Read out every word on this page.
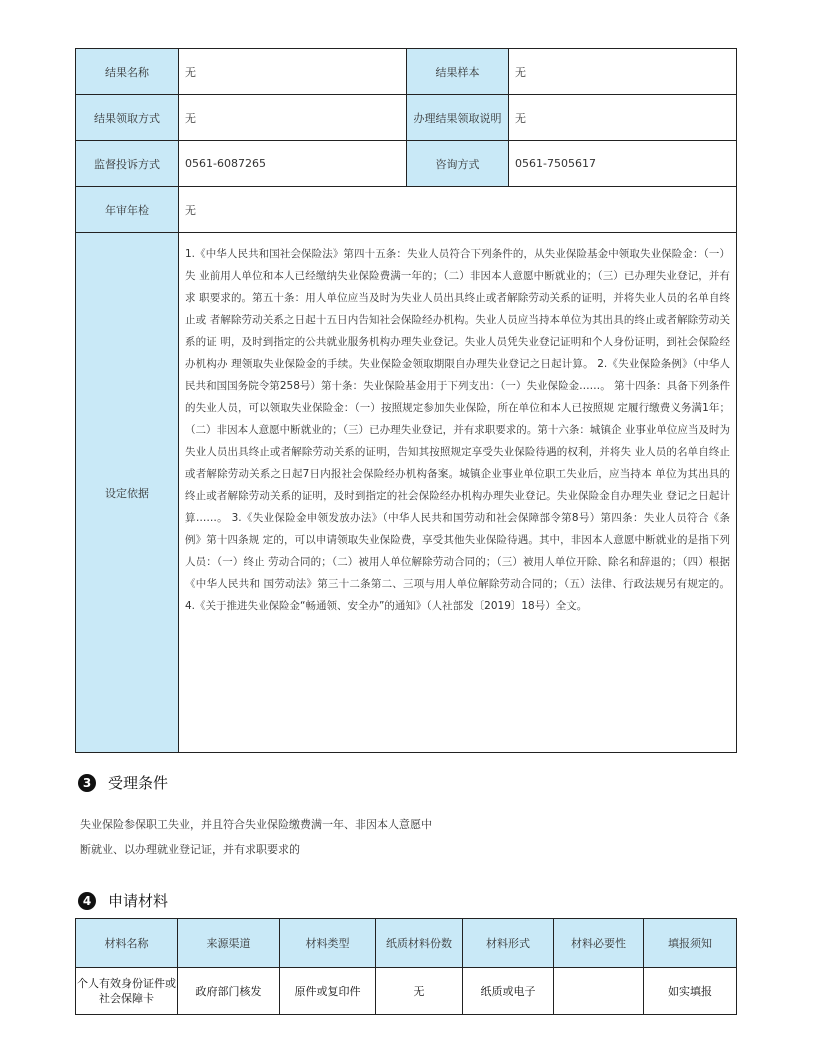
结果名称	无	结果样本	无
结果领取方式	无	办理结果领取说明	无
监督投诉方式	0561-6087265	咨询方式	0561-7505617
年审年检	无		
设定依据	1.《中华人民共和国社会保险法》第四十五条：失业人员符合下列条件的，从失业保险基金中领取失业保险金：（一）失 业前用人单位和本人已经缴纳失业保险费满一年的；（二）非因本人意愿中断就业的；（三）已办理失业登记，并有求 职要求的。第五十条：用人单位应当及时为失业人员出具终止或者解除劳动关系的证明，并将失业人员的名单自终止或 者解除劳动关系之日起十五日内告知社会保险经办机构。失业人员应当持本单位为其出具的终止或者解除劳动关系的证 明，及时到指定的公共就业服务机构办理失业登记。失业人员凭失业登记证明和个人身份证明，到社会保险经办机构办 理领取失业保险金的手续。失业保险金领取期限自办理失业登记之日起计算。 2.《失业保险条例》（中华人民共和国国务院令第258号）第十条：失业保险基金用于下列支出：（一）失业保险金……。 第十四条：具备下列条件的失业人员，可以领取失业保险金：（一）按照规定参加失业保险，所在单位和本人已按照规 定履行缴费义务满1年；（二）非因本人意愿中断就业的；（三）已办理失业登记，并有求职要求的。第十六条：城镇企 业事业单位应当及时为失业人员出具终止或者解除劳动关系的证明，告知其按照规定享受失业保险待遇的权利，并将失 业人员的名单自终止或者解除劳动关系之日起7日内报社会保险经办机构备案。城镇企业事业单位职工失业后，应当持本 单位为其出具的终止或者解除劳动关系的证明，及时到指定的社会保险经办机构办理失业登记。失业保险金自办理失业 登记之日起计算……。 3.《失业保险金申领发放办法》（中华人民共和国劳动和社会保障部令第8号）第四条：失业人员符合《条例》第十四条规 定的，可以申请领取失业保险费，享受其他失业保险待遇。其中，非因本人意愿中断就业的是指下列人员：（一）终止 劳动合同的；（二）被用人单位解除劳动合同的；（三）被用人单位开除、除名和辞退的；（四）根据《中华人民共和 国劳动法》第三十二条第二、三项与用人单位解除劳动合同的；（五）法律、行政法规另有规定的。 4.《关于推进失业保险金“畅通领、安全办”的通知》（人社部发〔2019〕18号）全文。		
3	受理条件

失业保险参保职工失业，并且符合失业保险缴费满一年、非因本人意愿中

断就业、以办理就业登记证，并有求职要求的

4	申请材料
材料名称	来源渠道	材料类型	纸质材料份数	材料形式	材料必要性	填报须知
个人有效身份证件或社会保障卡	政府部门核发	原件或复印件	无	纸质或电子		如实填报
